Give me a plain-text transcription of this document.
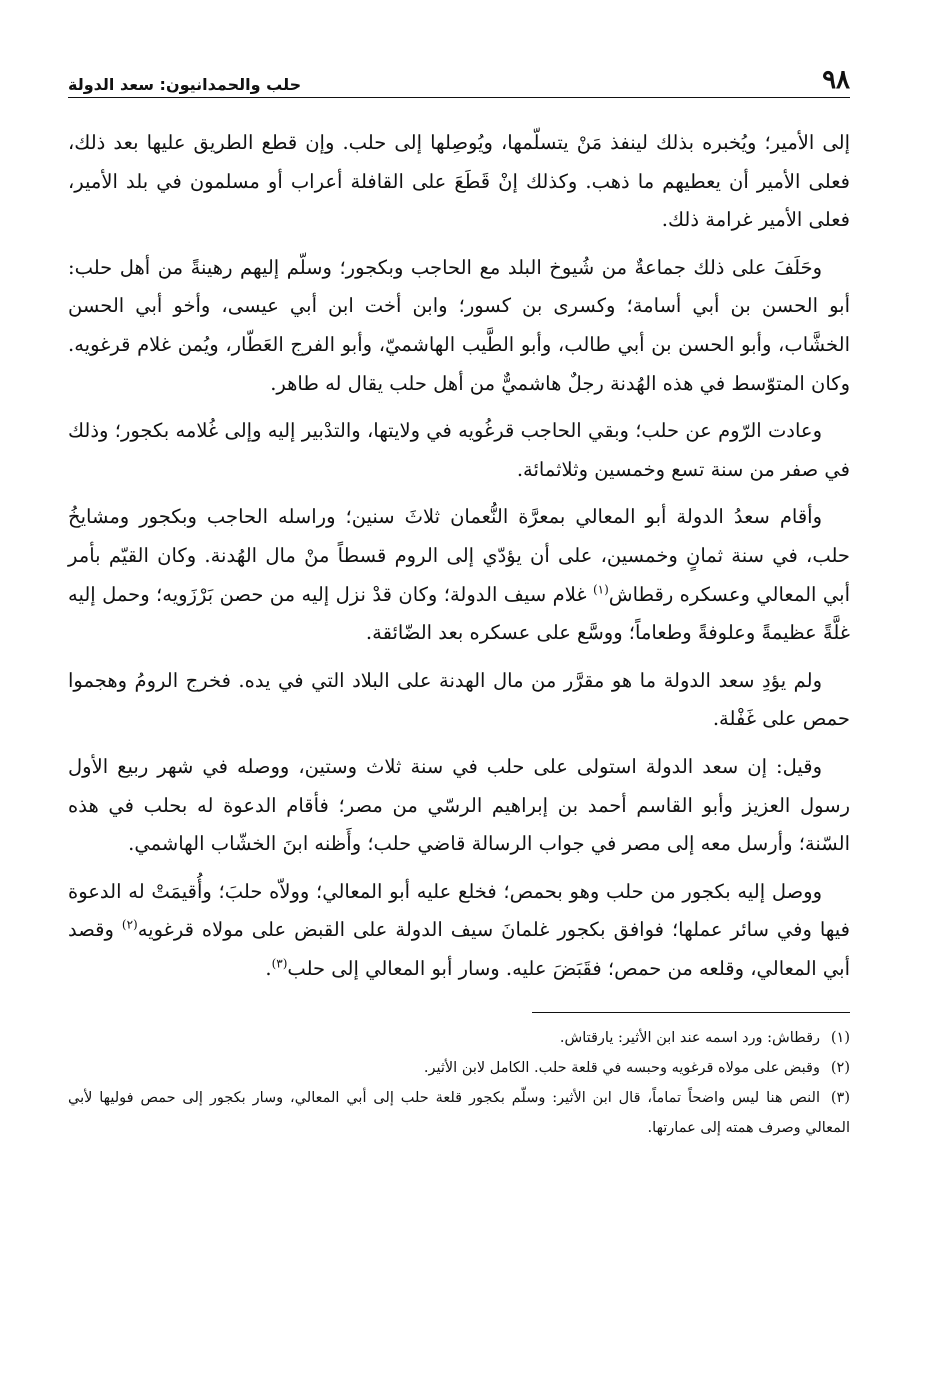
٩٨
حلب والحمدانيون: سعد الدولة

إلى الأمير؛ ويُخبره بذلك لينفذ مَنْ يتسلّمها، ويُوصِلها إلى حلب. وإن قطع الطريق عليها بعد ذلك، فعلى الأمير أن يعطيهم ما ذهب. وكذلك إنْ قَطَعَ على القافلة أعراب أو مسلمون في بلد الأمير، فعلى الأمير غرامة ذلك.

وحَلَفَ على ذلك جماعةٌ من شُيوخ البلد مع الحاجب وبكجور؛ وسلّم إليهم رهينةً من أهل حلب: أبو الحسن بن أبي أسامة؛ وكسرى بن كسور؛ وابن أخت ابن أبي عيسى، وأخو أبي الحسن الخشَّاب، وأبو الحسن بن أبي طالب، وأبو الطَّيب الهاشميّ، وأبو الفرج العَطّار، ويُمن غلام قرغويه. وكان المتوّسط في هذه الهُدنة رجلٌ هاشميٌّ من أهل حلب يقال له طاهر.

وعادت الرّوم عن حلب؛ وبقي الحاجب قرغُويه في ولايتها، والتدْبير إليه وإلى غُلامه بكجور؛ وذلك في صفر من سنة تسع وخمسين وثلاثمائة.

وأقام سعدُ الدولة أبو المعالي بمعرَّة النُّعمان ثلاثَ سنين؛ وراسله الحاجب وبكجور ومشايخُ حلب، في سنة ثمانٍ وخمسين، على أن يؤدّي إلى الروم قسطاً منْ مال الهُدنة. وكان القيّم بأمر أبي المعالي وعسكره رقطاش$^{(١)}$ غلام سيف الدولة؛ وكان قدْ نزل إليه من حصن بَرْزَويه؛ وحمل إليه غلَّةً عظيمةً وعلوفةً وطعاماً؛ ووسَّع على عسكره بعد الضّائقة.

ولم يؤدِ سعد الدولة ما هو مقرَّر من مال الهدنة على البلاد التي في يده. فخرج الرومُ وهجموا حمص على غَفْلة.

وقيل: إن سعد الدولة استولى على حلب في سنة ثلاث وستين، ووصله في شهر ربيع الأول رسول العزيز وأبو القاسم أحمد بن إبراهيم الرسّي من مصر؛ فأقام الدعوة له بحلب في هذه السّنة؛ وأرسل معه إلى مصر في جواب الرسالة قاضي حلب؛ وأَظنه ابنَ الخشّاب الهاشمي.

ووصل إليه بكجور من حلب وهو بحمص؛ فخلع عليه أبو المعالي؛ وولاّه حلبَ؛ وأُقيمَتْ له الدعوة فيها وفي سائر عملها؛ فوافق بكجور غلمانَ سيف الدولة على القبض على مولاه قرغويه$^{(٢)}$ وقصد أبي المعالي، وقلعه من حمص؛ فقَبَضَ عليه. وسار أبو المعالي إلى حلب$^{(٣)}$.

(١)رقطاش: ورد اسمه عند ابن الأثير: يارقتاش.

(٢)وقبض على مولاه قرغويه وحبسه في قلعة حلب. الكامل لابن الأثير.

(٣)النص هنا ليس واضحاً تماماً، قال ابن الأثير: وسلّم بكجور قلعة حلب إلى أبي المعالي، وسار بكجور إلى حمص فوليها لأبي المعالي وصرف همته إلى عمارتها.
